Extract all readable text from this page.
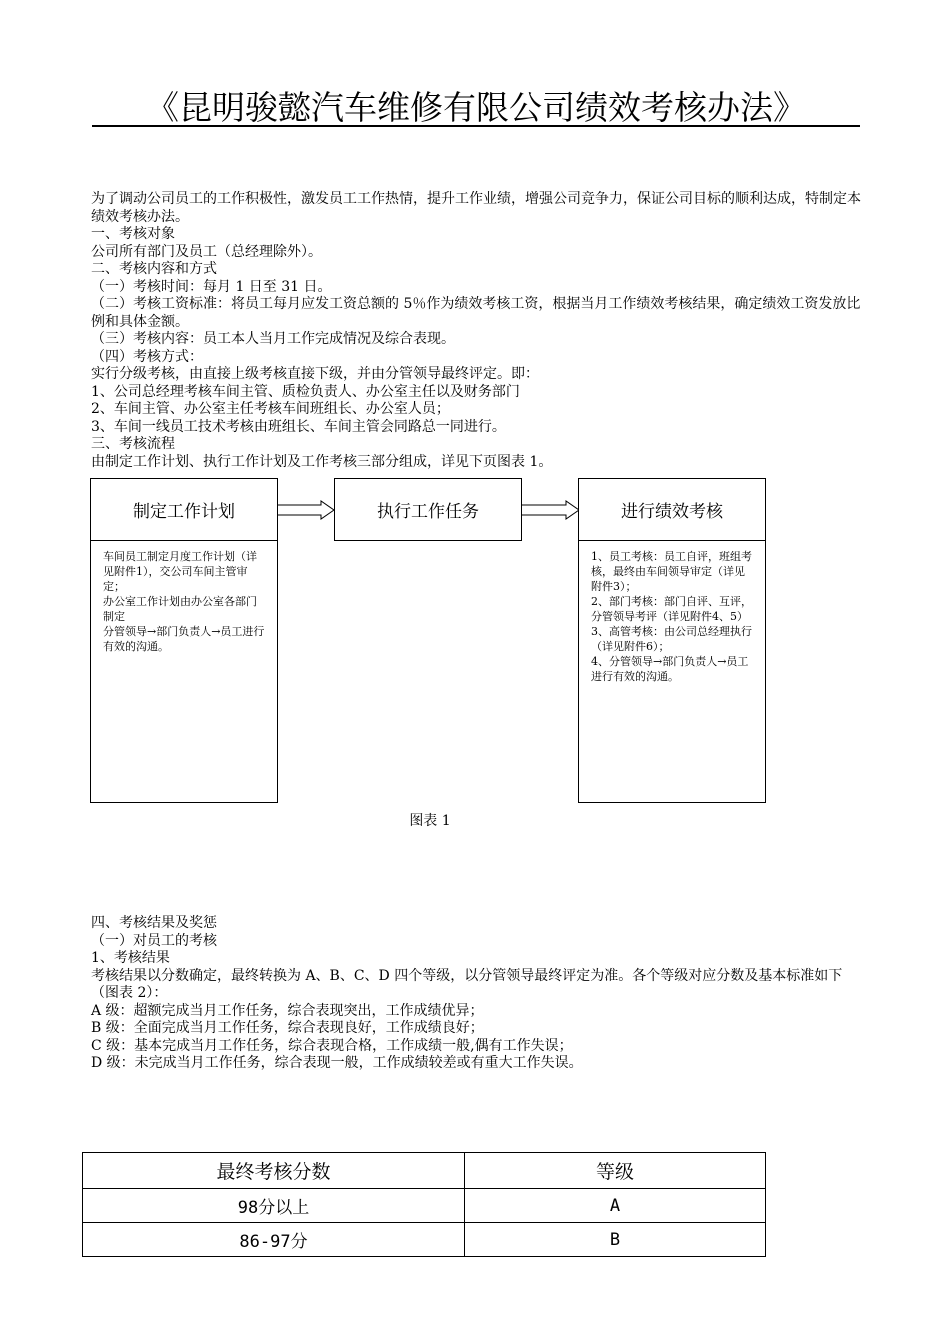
《昆明骏懿汽车维修有限公司绩效考核办法》

为了调动公司员工的工作积极性，激发员工工作热情，提升工作业绩，增强公司竞争力，保证公司目标的顺利达成，特制定本绩效考核办法。

一、考核对象

公司所有部门及员工（总经理除外）。

二、考核内容和方式

（一）考核时间：每月 1 日至 31 日。

（二）考核工资标准：将员工每月应发工资总额的 5％作为绩效考核工资，根据当月工作绩效考核结果，确定绩效工资发放比例和具体金额。

（三）考核内容：员工本人当月工作完成情况及综合表现。

（四）考核方式：

实行分级考核，由直接上级考核直接下级，并由分管领导最终评定。即：

1、公司总经理考核车间主管、质检负责人、办公室主任以及财务部门

2、车间主管、办公室主任考核车间班组长、办公室人员；

3、车间一线员工技术考核由班组长、车间主管会同路总一同进行。

三、考核流程

由制定工作计划、执行工作计划及工作考核三部分组成，详见下页图表 1。

制定工作计划

车间员工制定月度工作计划（详见附件1），交公司车间主管审定；

办公室工作计划由办公室各部门制定

分管领导→部门负责人→员工进行有效的沟通。

执行工作任务	进行绩效考核

1、员工考核：员工自评，班组考核，最终由车间领导审定（详见附件3）；

2、部门考核：部门自评、互评，分管领导考评（详见附件4、5）

3、高管考核：由公司总经理执行（详见附件6）；

4、分管领导→部门负责人→员工进行有效的沟通。

图表 1

四、考核结果及奖惩

（一）对员工的考核

1、考核结果

考核结果以分数确定，最终转换为 A、B、C、D 四个等级，以分管领导最终评定为准。各个等级对应分数及基本标准如下（图表 2）：

A 级：超额完成当月工作任务，综合表现突出，工作成绩优异；

B 级：全面完成当月工作任务，综合表现良好，工作成绩良好；

C 级：基本完成当月工作任务，综合表现合格，工作成绩一般,偶有工作失误；

D 级：未完成当月工作任务，综合表现一般，工作成绩较差或有重大工作失误。

最终考核分数	等级
98分以上	A
86-97分	B
